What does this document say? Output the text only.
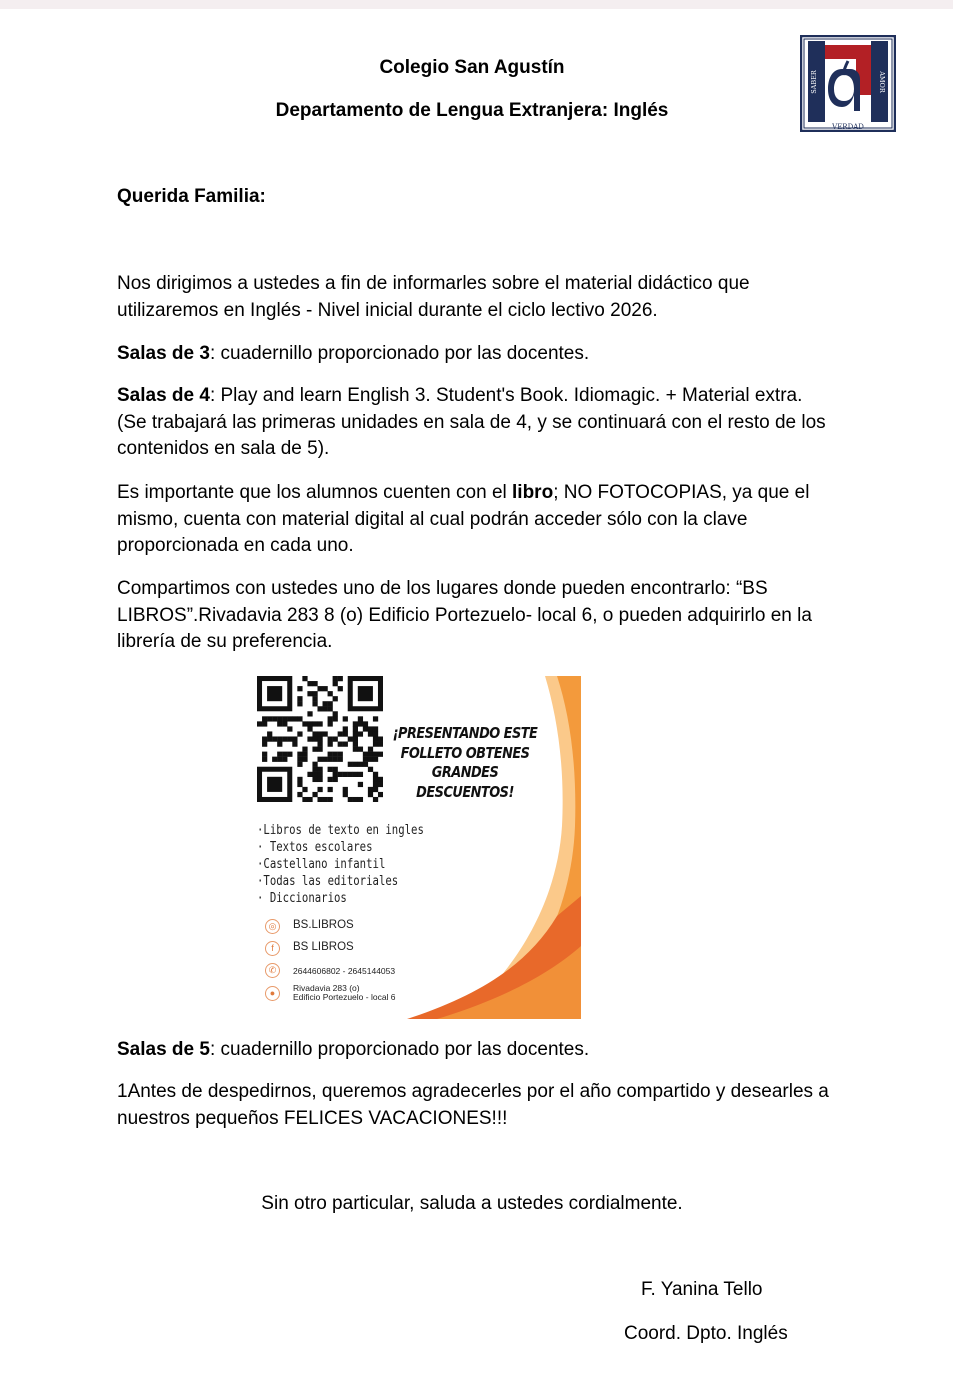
Colegio San Agustín
Departamento de Lengua Extranjera: Inglés
SABER	AMOR
VERDAD
Querida Familia:

Nos dirigimos a ustedes a fin de informarles sobre el material didáctico que utilizaremos en Inglés - Nivel inicial durante el ciclo lectivo 2026.

Salas de 3: cuadernillo proporcionado por las docentes.

Salas de 4: Play and learn English 3. Student's Book. Idiomagic. + Material extra. (Se trabajará las primeras unidades en sala de 4, y se continuará con el resto de los contenidos en sala de 5).

Es importante que los alumnos cuenten con el libro; NO FOTOCOPIAS, ya que el mismo, cuenta con material digital al cual podrán acceder sólo con la clave proporcionada en cada uno.

Compartimos con ustedes uno de los lugares donde pueden encontrarlo: “BS LIBROS”.Rivadavia 283 8 (o) Edificio Portezuelo- local 6, o pueden adquirirlo en la librería de su preferencia.

¡PRESENTANDO ESTE
FOLLETO OBTENES
GRANDES DESCUENTOS!
·Libros de texto en ingles
· Textos escolares
·Castellano infantil
·Todas las editoriales
· Diccionarios
◎	BS.LIBROS
f	BS LIBROS
✆	2644606802 - 2645144053
●	Rivadavia 283 (o)
Edificio Portezuelo - local 6

Salas de 5: cuadernillo proporcionado por las docentes.

1Antes de despedirnos, queremos agradecerles por el año compartido y desearles a nuestros pequeños FELICES VACACIONES!!!

Sin otro particular, saluda a ustedes cordialmente.
F. Yanina Tello
Coord. Dpto. Inglés
